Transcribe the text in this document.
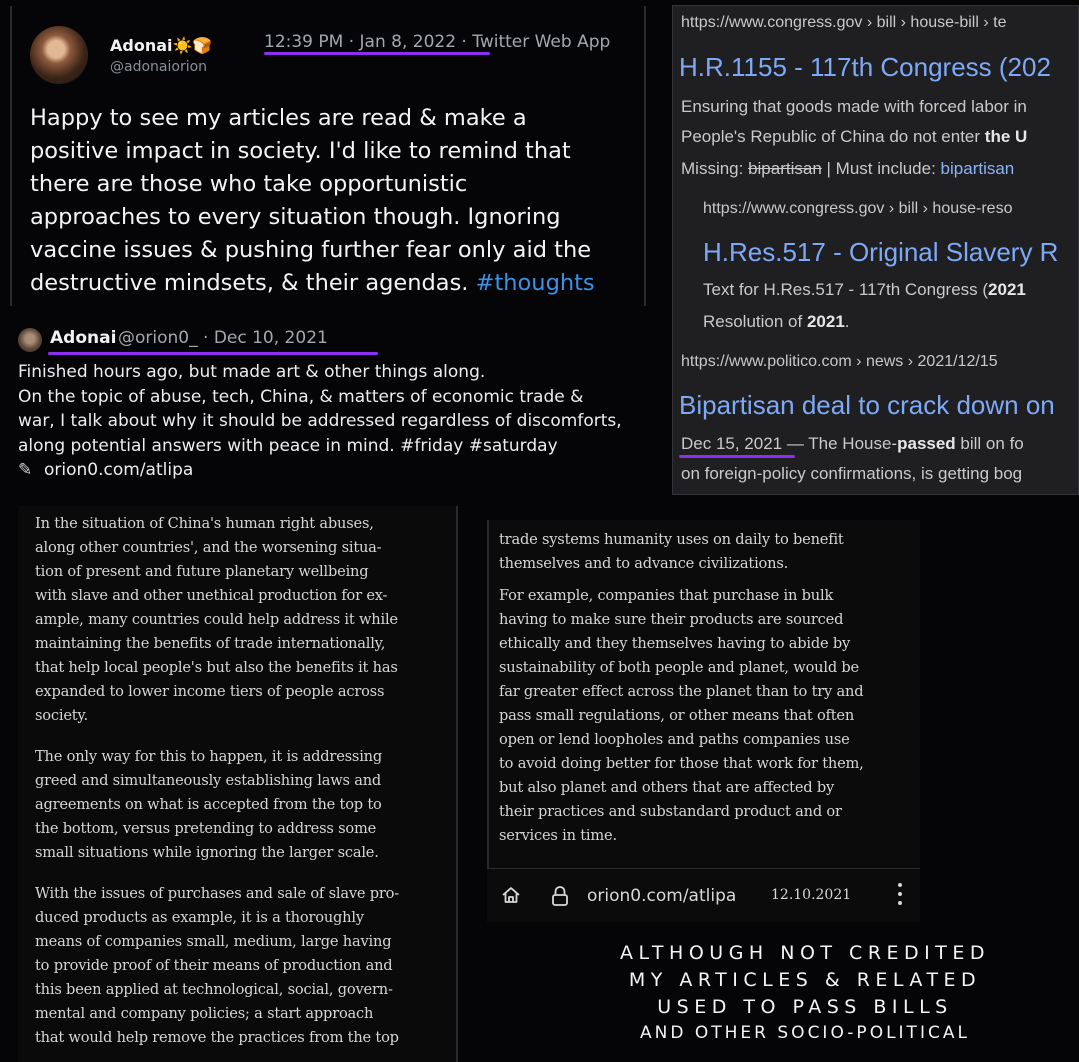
Adonai☀️🍞
@adonaiorion
12:39 PM · Jan 8, 2022 · Twitter Web App
Happy to see my articles are read & make a
positive impact in society. I'd like to remind that
there are those who take opportunistic
approaches to every situation though. Ignoring
vaccine issues & pushing further fear only aid the
destructive mindsets, & their agendas. #thoughts
https://www.congress.gov › bill › house-bill › te
H.R.1155 - 117th Congress (202
Ensuring that goods made with forced labor in
People's Republic of China do not enter the U
Missing: bipartisan | Must include: bipartisan
https://www.congress.gov › bill › house-reso
H.Res.517 - Original Slavery R
Text for H.Res.517 - 117th Congress (2021
Resolution of 2021.
https://www.politico.com › news › 2021/12/15
Bipartisan deal to crack down on
Dec 15, 2021 — The House-passed bill on fo
on foreign-policy confirmations, is getting bog
Adonai @orion0_ · Dec 10, 2021
Finished hours ago, but made art & other things along.
On the topic of abuse, tech, China, & matters of economic trade &
war, I talk about why it should be addressed regardless of discomforts,
along potential answers with peace in mind. #friday #saturday
✎ orion0.com/atlipa

In the situation of China's human right abuses,
along other countries', and the worsening situa-
tion of present and future planetary wellbeing
with slave and other unethical production for ex-
ample, many countries could help address it while
maintaining the benefits of trade internationally,
that help local people's but also the benefits it has
expanded to lower income tiers of people across
society.

The only way for this to happen, it is addressing
greed and simultaneously establishing laws and
agreements on what is accepted from the top to
the bottom, versus pretending to address some
small situations while ignoring the larger scale.

With the issues of purchases and sale of slave pro-
duced products as example, it is a thoroughly
means of companies small, medium, large having
to provide proof of their means of production and
this been applied at technological, social, govern-
mental and company policies; a start approach
that would help remove the practices from the top

trade systems humanity uses on daily to benefit
themselves and to advance civilizations.

For example, companies that purchase in bulk
having to make sure their products are sourced
ethically and they themselves having to abide by
sustainability of both people and planet, would be
far greater effect across the planet than to try and
pass small regulations, or other means that often
open or lend loopholes and paths companies use
to avoid doing better for those that work for them,
but also planet and others that are affected by
their practices and substandard product and or
services in time.

orion0.com/atlipa 12.10.2021
ALTHOUGH NOT CREDITED
MY ARTICLES & RELATED
USED TO PASS BILLS
AND OTHER SOCIO-POLITICAL
